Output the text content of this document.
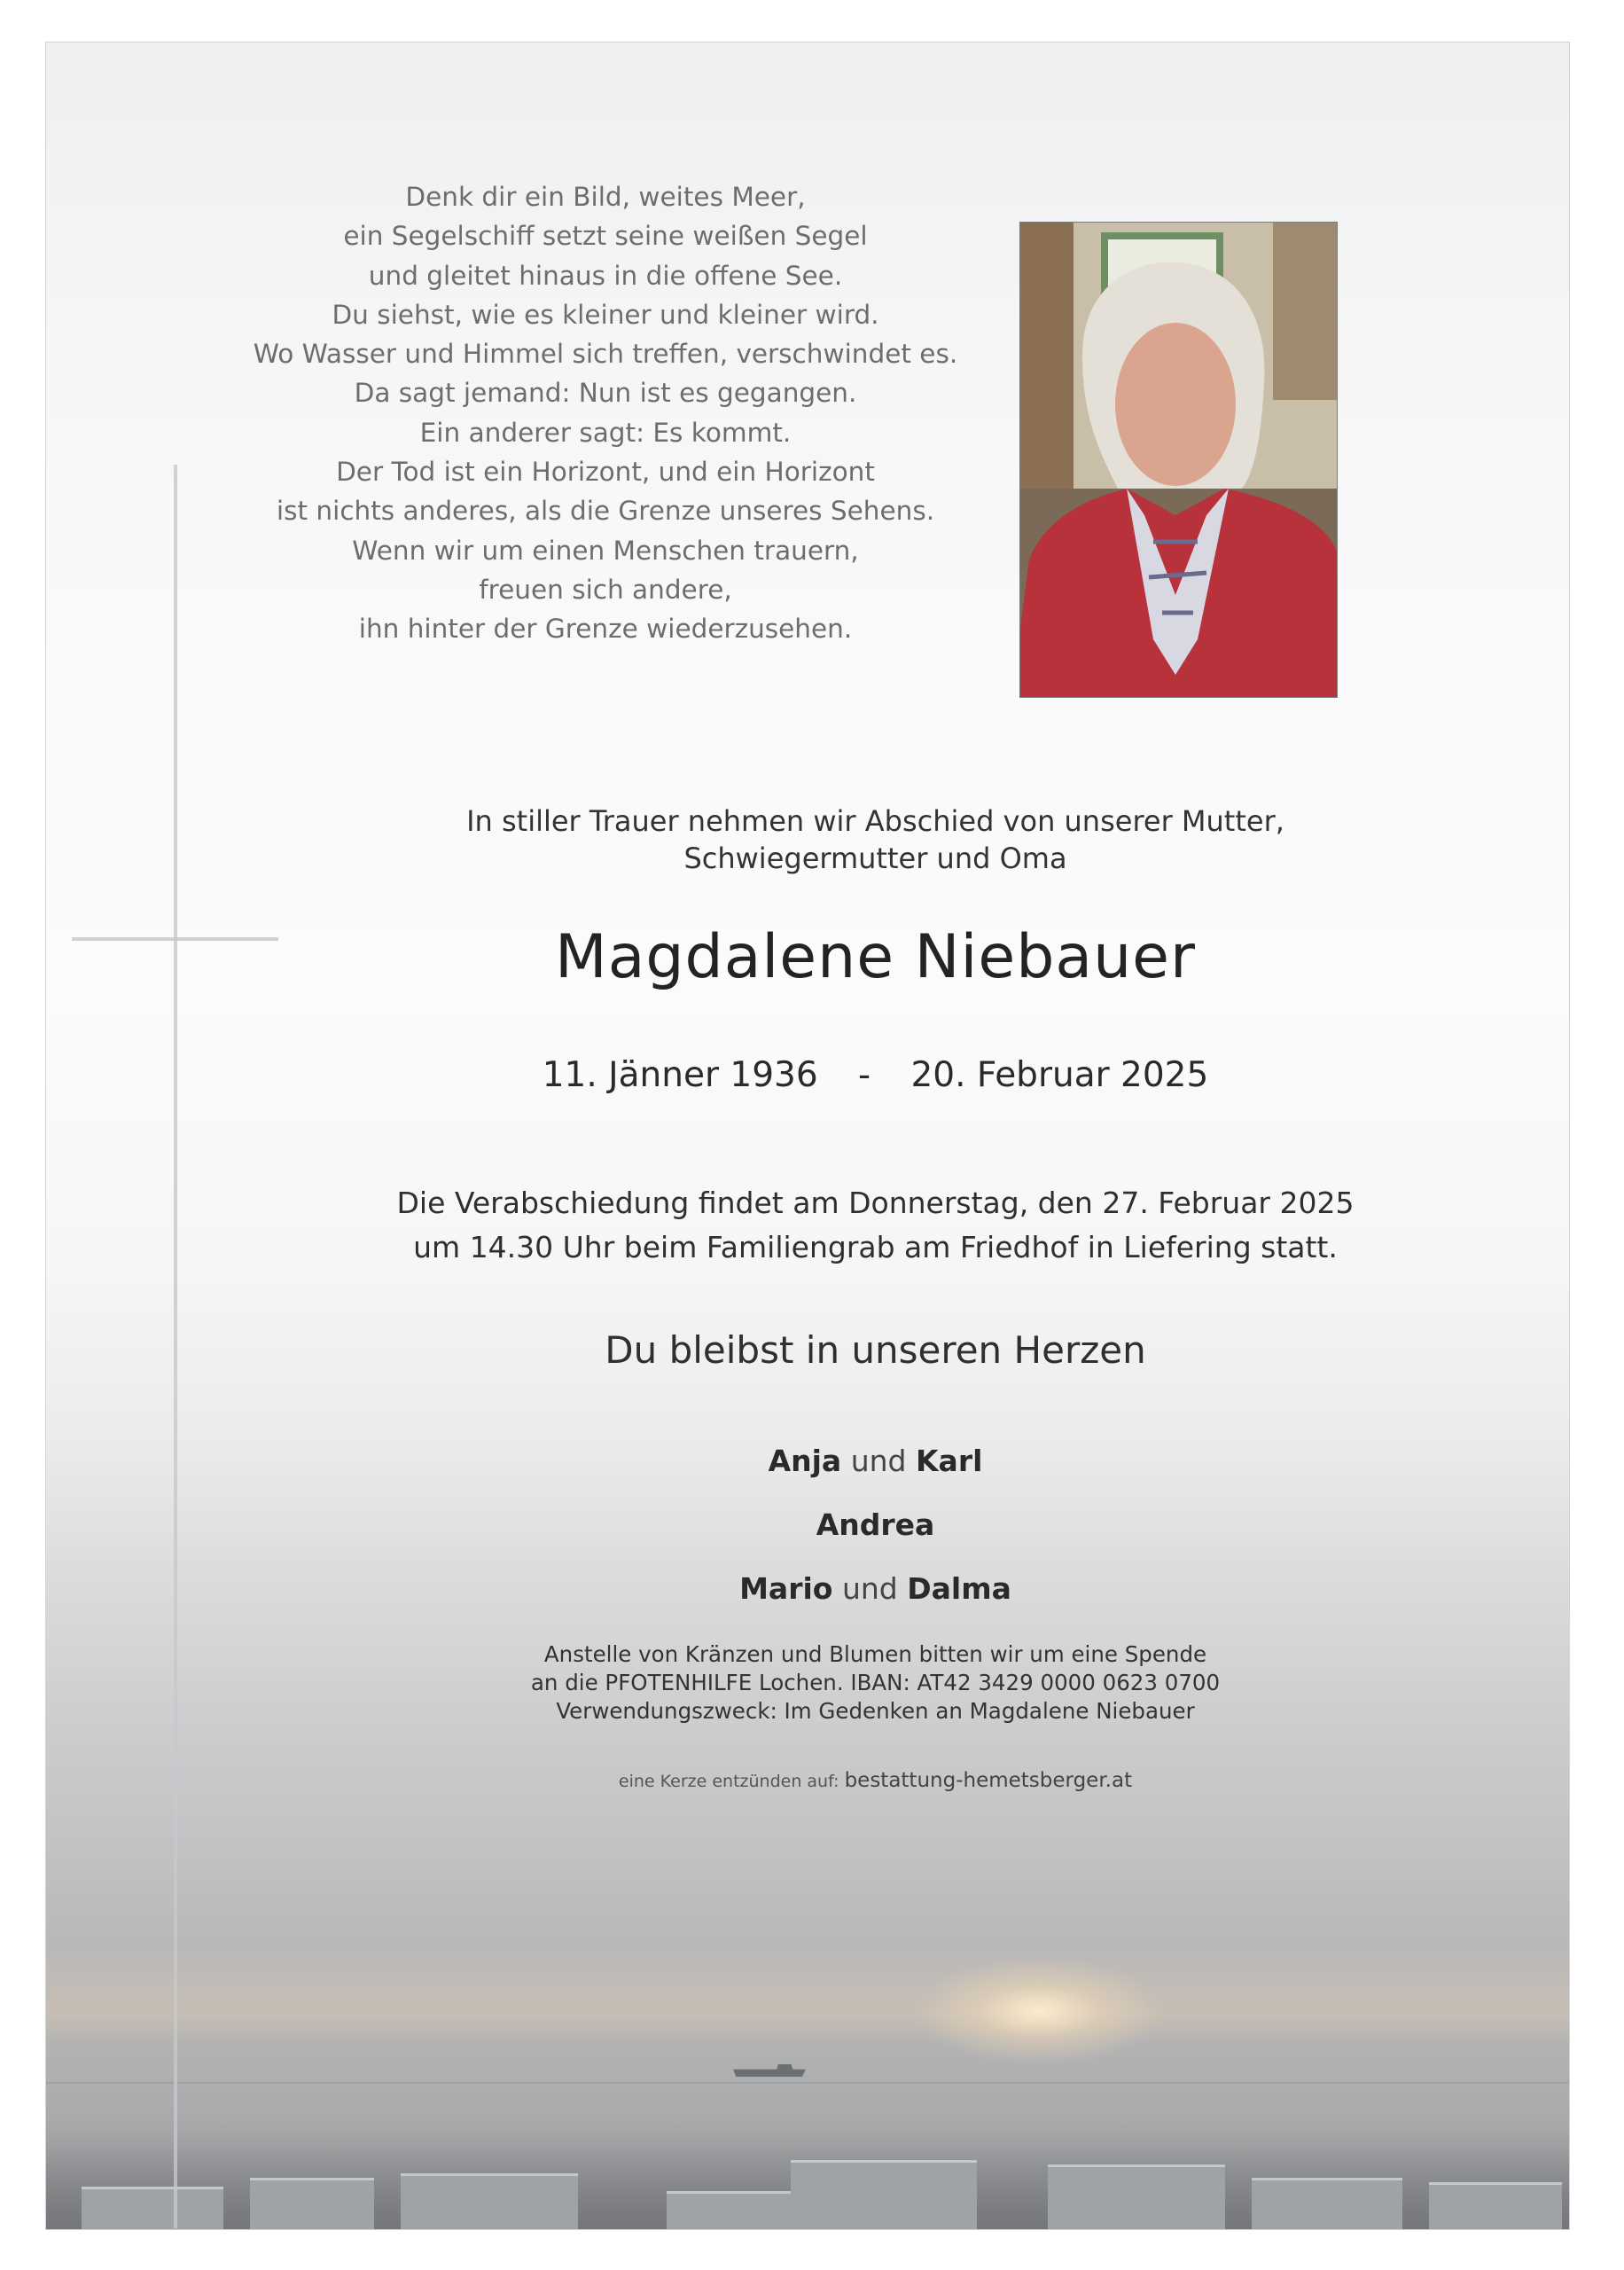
Denk dir ein Bild, weites Meer,
ein Segelschiff setzt seine weißen Segel
und gleitet hinaus in die offene See.
Du siehst, wie es kleiner und kleiner wird.
Wo Wasser und Himmel sich treffen, verschwindet es.
Da sagt jemand: Nun ist es gegangen.
Ein anderer sagt: Es kommt.
Der Tod ist ein Horizont, und ein Horizont
ist nichts anderes, als die Grenze unseres Sehens.
Wenn wir um einen Menschen trauern,
freuen sich andere,
ihn hinter der Grenze wiederzusehen.
In stiller Trauer nehmen wir Abschied von unserer Mutter,
Schwiegermutter und Oma
Magdalene Niebauer
11. Jänner 1936 - 20. Februar 2025
Die Verabschiedung findet am Donnerstag, den 27. Februar 2025
um 14.30 Uhr beim Familiengrab am Friedhof in Liefering statt.
Du bleibst in unseren Herzen
Anja und Karl
Andrea
Mario und Dalma
Anstelle von Kränzen und Blumen bitten wir um eine Spende
an die PFOTENHILFE Lochen. IBAN: AT42 3429 0000 0623 0700
Verwendungszweck: Im Gedenken an Magdalene Niebauer
eine Kerze entzünden auf: bestattung-hemetsberger.at
